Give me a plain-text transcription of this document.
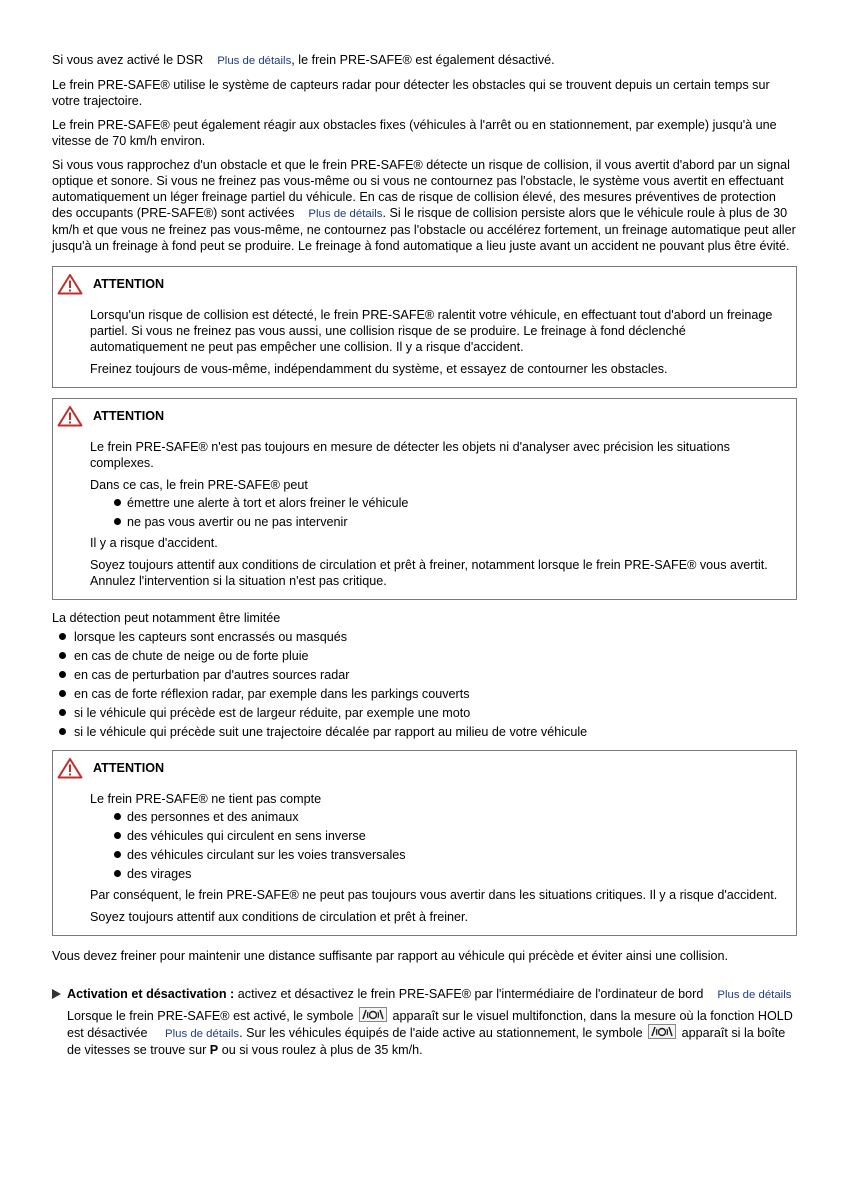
Si vous avez activé le DSR Plus de détails, le frein PRE-SAFE® est également désactivé.

Le frein PRE-SAFE® utilise le système de capteurs radar pour détecter les obstacles qui se trouvent depuis un certain temps sur votre trajectoire.

Le frein PRE-SAFE® peut également réagir aux obstacles fixes (véhicules à l'arrêt ou en stationnement, par exemple) jusqu'à une vitesse de 70 km/h environ.

Si vous vous rapprochez d'un obstacle et que le frein PRE-SAFE® détecte un risque de collision, il vous avertit d'abord par un signal optique et sonore. Si vous ne freinez pas vous-même ou si vous ne contournez pas l'obstacle, le système vous avertit en effectuant automatiquement un léger freinage partiel du véhicule. En cas de risque de collision élevé, des mesures préventives de protection des occupants (PRE-SAFE®) sont activées Plus de détails. Si le risque de collision persiste alors que le véhicule roule à plus de 30 km/h et que vous ne freinez pas vous-même, ne contournez pas l'obstacle ou accélérez fortement, un freinage automatique peut aller jusqu'à un freinage à fond peut se produire. Le freinage à fond automatique a lieu juste avant un accident ne pouvant plus être évité.

ATTENTION

Lorsqu'un risque de collision est détecté, le frein PRE-SAFE® ralentit votre véhicule, en effectuant tout d'abord un freinage partiel. Si vous ne freinez pas vous aussi, une collision risque de se produire. Le freinage à fond déclenché automatiquement ne peut pas empêcher une collision. Il y a risque d'accident.

Freinez toujours de vous-même, indépendamment du système, et essayez de contourner les obstacles.

ATTENTION

Le frein PRE-SAFE® n'est pas toujours en mesure de détecter les objets ni d'analyser avec précision les situations complexes.

Dans ce cas, le frein PRE-SAFE® peut

émettre une alerte à tort et alors freiner le véhicule
ne pas vous avertir ou ne pas intervenir

Il y a risque d'accident.

Soyez toujours attentif aux conditions de circulation et prêt à freiner, notamment lorsque le frein PRE-SAFE® vous avertit. Annulez l'intervention si la situation n'est pas critique.

La détection peut notamment être limitée

lorsque les capteurs sont encrassés ou masqués
en cas de chute de neige ou de forte pluie
en cas de perturbation par d'autres sources radar
en cas de forte réflexion radar, par exemple dans les parkings couverts
si le véhicule qui précède est de largeur réduite, par exemple une moto
si le véhicule qui précède suit une trajectoire décalée par rapport au milieu de votre véhicule
ATTENTION

Le frein PRE-SAFE® ne tient pas compte

des personnes et des animaux
des véhicules qui circulent en sens inverse
des véhicules circulant sur les voies transversales
des virages

Par conséquent, le frein PRE-SAFE® ne peut pas toujours vous avertir dans les situations critiques. Il y a risque d'accident.

Soyez toujours attentif aux conditions de circulation et prêt à freiner.

Vous devez freiner pour maintenir une distance suffisante par rapport au véhicule qui précède et éviter ainsi une collision.

Activation et désactivation : activez et désactivez le frein PRE-SAFE® par l'intermédiaire de l'ordinateur de bord Plus de détails

Lorsque le frein PRE-SAFE® est activé, le symbole	apparaît sur le visuel multifonction, dans la mesure où la fonction HOLD est désactivée Plus de détails. Sur les véhicules équipés de l'aide active au stationnement, le symbole	apparaît si la boîte de vitesses se trouve sur P ou si vous roulez à plus de 35 km/h.
